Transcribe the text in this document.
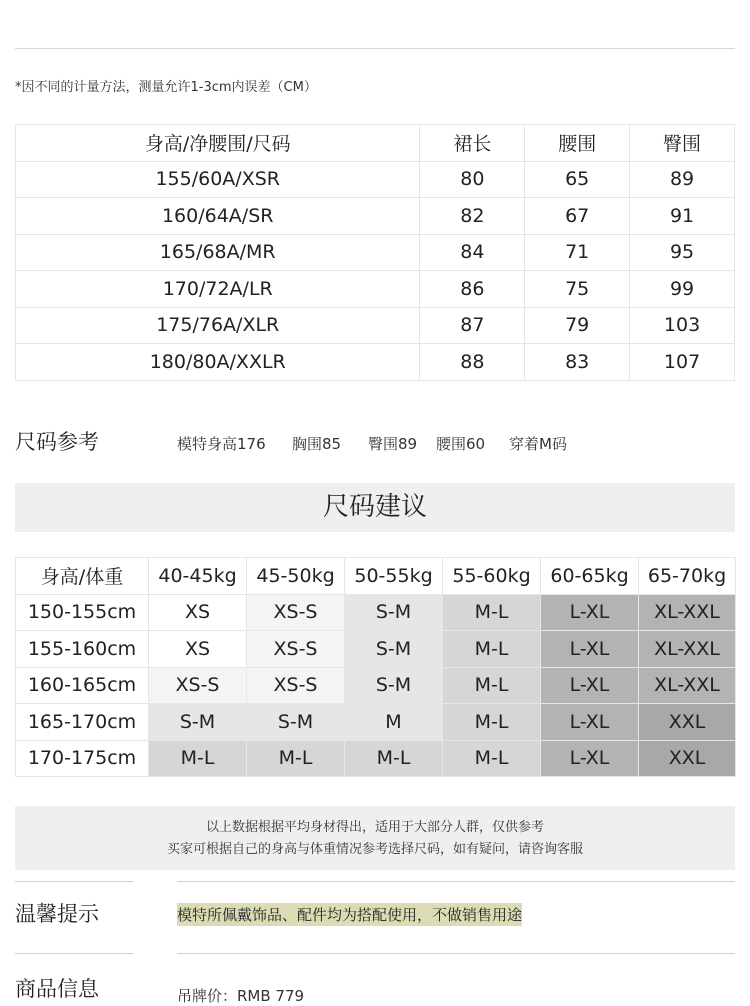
*因不同的计量方法，测量允许1-3cm内误差（CM）
身高/净腰围/尺码	裙长	腰围	臀围
155/60A/XSR	80	65	89
160/64A/SR	82	67	91
165/68A/MR	84	71	95
170/72A/LR	86	75	99
175/76A/XLR	87	79	103
180/80A/XXLR	88	83	107
尺码参考	模特身高176 胸围85 臀围89 腰围60 穿着M码
尺码建议
身高/体重	40-45kg	45-50kg	50-55kg	55-60kg	60-65kg	65-70kg
150-155cm	XS	XS-S	S-M	M-L	L-XL	XL-XXL
155-160cm	XS	XS-S	S-M	M-L	L-XL	XL-XXL
160-165cm	XS-S	XS-S	S-M	M-L	L-XL	XL-XXL
165-170cm	S-M	S-M	M	M-L	L-XL	XXL
170-175cm	M-L	M-L	M-L	M-L	L-XL	XXL
以上数据根据平均身材得出，适用于大部分人群，仅供参考
买家可根据自己的身高与体重情况参考选择尺码，如有疑问，请咨询客服
温馨提示	模特所佩戴饰品、配件均为搭配使用，不做销售用途
商品信息	吊牌价：RMB 779
